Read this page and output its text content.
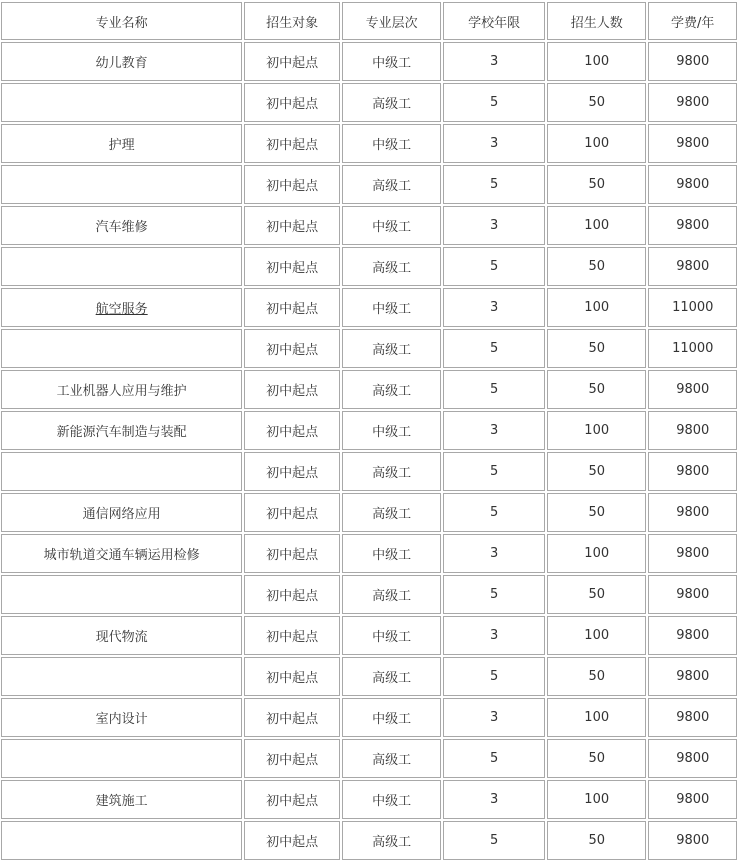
专业名称	招生对象	专业层次	学校年限	招生人数	学费/年
幼儿教育	初中起点	中级工	3	100	9800
	初中起点	高级工	5	50	9800
护理	初中起点	中级工	3	100	9800
	初中起点	高级工	5	50	9800
汽车维修	初中起点	中级工	3	100	9800
	初中起点	高级工	5	50	9800
航空服务	初中起点	中级工	3	100	11000
	初中起点	高级工	5	50	11000
工业机器人应用与维护	初中起点	高级工	5	50	9800
新能源汽车制造与装配	初中起点	中级工	3	100	9800
	初中起点	高级工	5	50	9800
通信网络应用	初中起点	高级工	5	50	9800
城市轨道交通车辆运用检修	初中起点	中级工	3	100	9800
	初中起点	高级工	5	50	9800
现代物流	初中起点	中级工	3	100	9800
	初中起点	高级工	5	50	9800
室内设计	初中起点	中级工	3	100	9800
	初中起点	高级工	5	50	9800
建筑施工	初中起点	中级工	3	100	9800
	初中起点	高级工	5	50	9800
